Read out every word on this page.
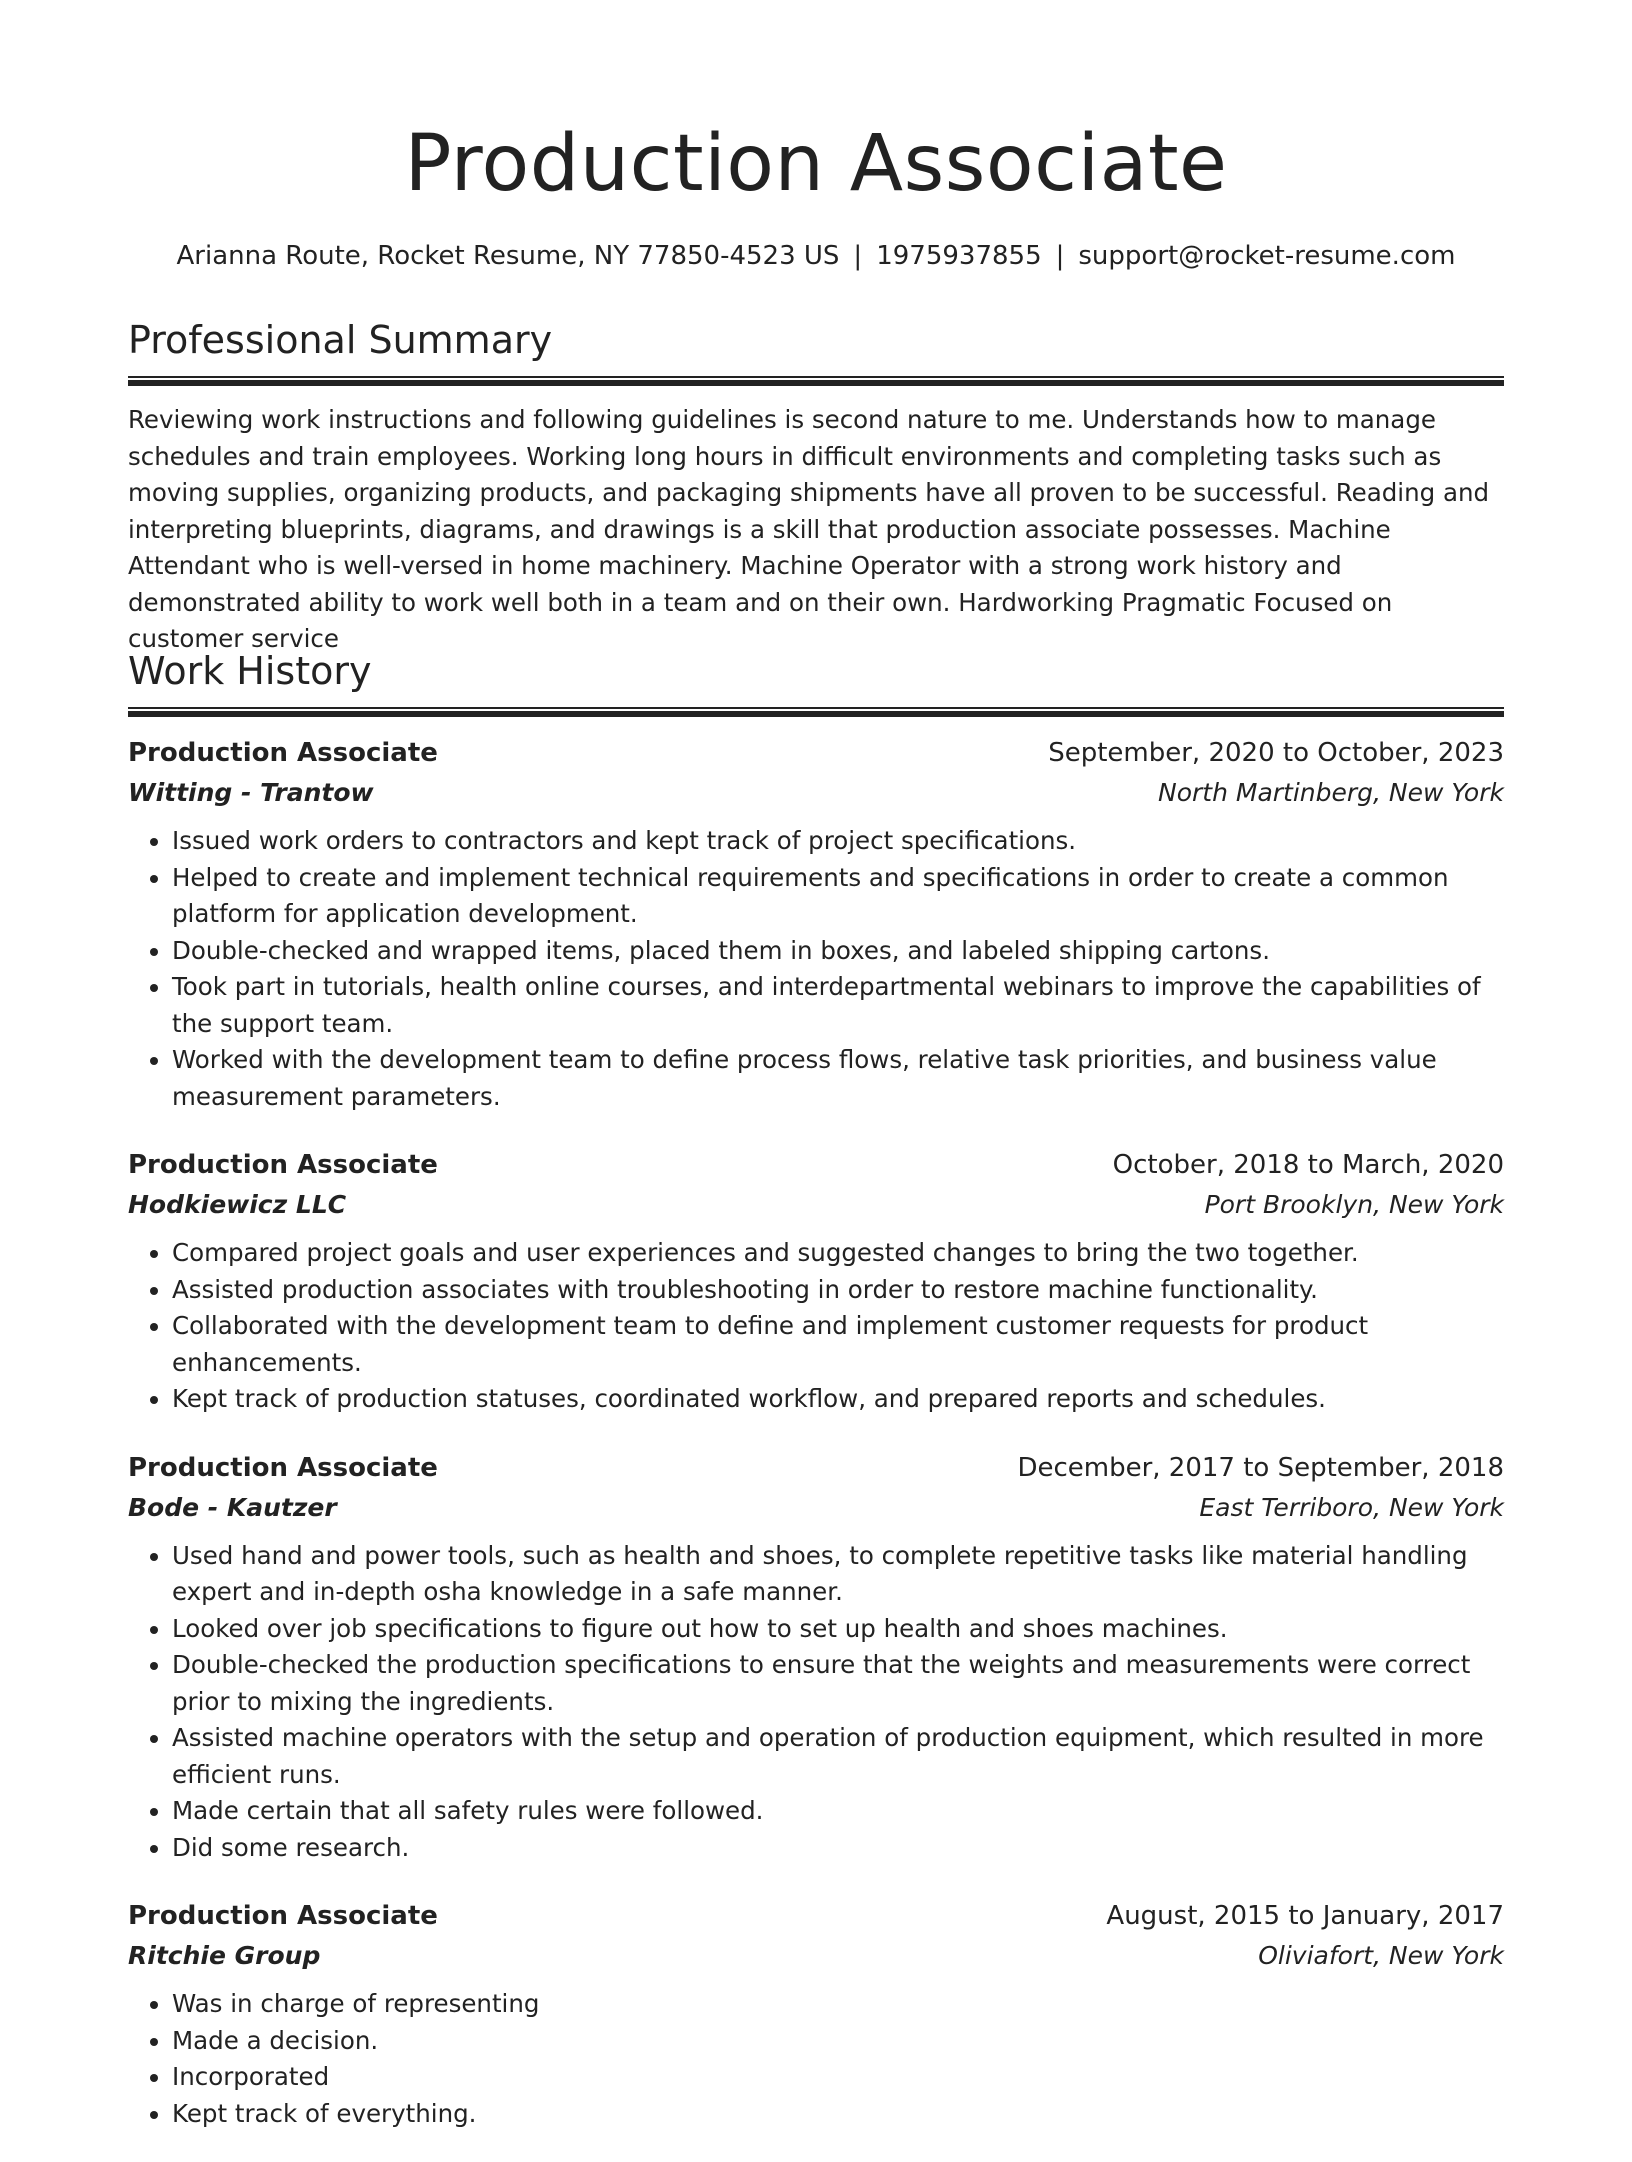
Production Associate
Arianna Route, Rocket Resume, NY 77850-4523 US | 1975937855 | support@rocket-resume.com
Professional Summary
Reviewing work instructions and following guidelines is second nature to me. Understands how to manage schedules and train employees. Working long hours in difficult environments and completing tasks such as moving supplies, organizing products, and packaging shipments have all proven to be successful. Reading and interpreting blueprints, diagrams, and drawings is a skill that production associate possesses. Machine Attendant who is well-versed in home machinery. Machine Operator with a strong work history and demonstrated ability to work well both in a team and on their own. Hardworking Pragmatic Focused on customer service
Work History
Production Associate	September, 2020 to October, 2023
Witting - Trantow	North Martinberg, New York
• Issued work orders to contractors and kept track of project specifications.
• Helped to create and implement technical requirements and specifications in order to create a common platform for application development.
• Double-checked and wrapped items, placed them in boxes, and labeled shipping cartons.
• Took part in tutorials, health online courses, and interdepartmental webinars to improve the capabilities of the support team.
• Worked with the development team to define process flows, relative task priorities, and business value measurement parameters.
Production Associate	October, 2018 to March, 2020
Hodkiewicz LLC	Port Brooklyn, New York
• Compared project goals and user experiences and suggested changes to bring the two together.
• Assisted production associates with troubleshooting in order to restore machine functionality.
• Collaborated with the development team to define and implement customer requests for product enhancements.
• Kept track of production statuses, coordinated workflow, and prepared reports and schedules.
Production Associate	December, 2017 to September, 2018
Bode - Kautzer	East Terriboro, New York
• Used hand and power tools, such as health and shoes, to complete repetitive tasks like material handling expert and in-depth osha knowledge in a safe manner.
• Looked over job specifications to figure out how to set up health and shoes machines.
• Double-checked the production specifications to ensure that the weights and measurements were correct prior to mixing the ingredients.
• Assisted machine operators with the setup and operation of production equipment, which resulted in more efficient runs.
• Made certain that all safety rules were followed.
• Did some research.
Production Associate	August, 2015 to January, 2017
Ritchie Group	Oliviafort, New York
• Was in charge of representing
• Made a decision.
• Incorporated
• Kept track of everything.
